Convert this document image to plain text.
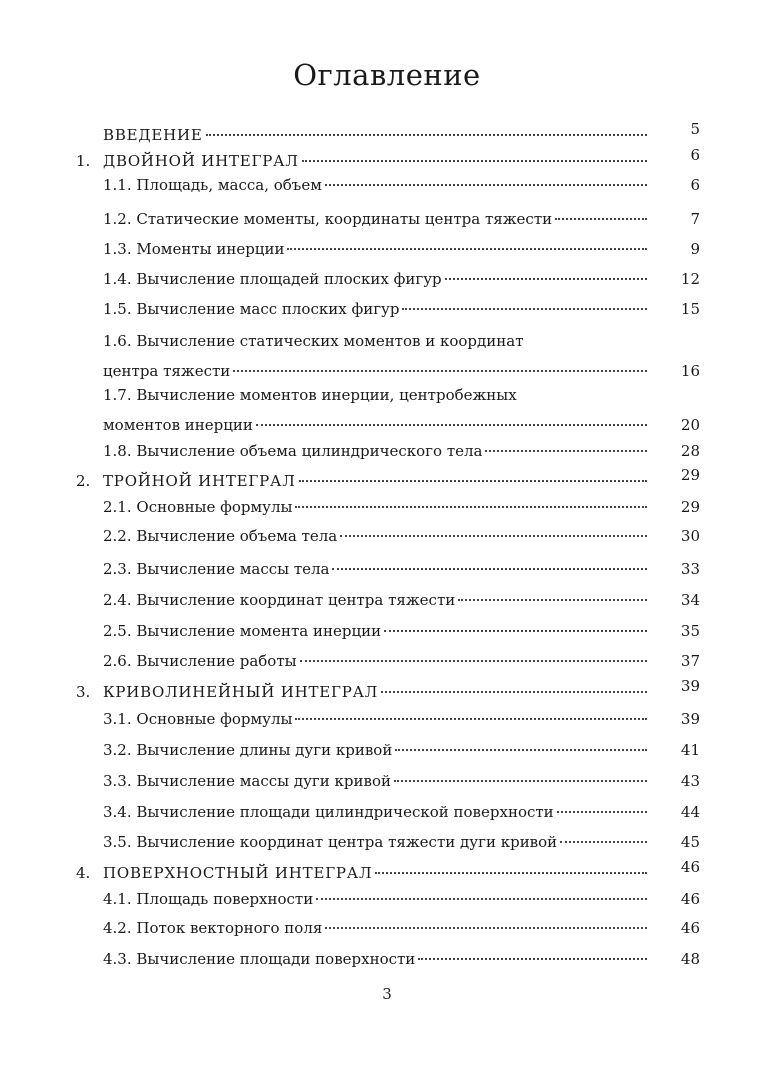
Оглавление
ВВЕДЕНИЕ	5
1. ДВОЙНОЙ ИНТЕГРАЛ	6
1.1. Площадь, масса, объем	6
1.2. Статические моменты, координаты центра тяжести	7
1.3. Моменты инерции	9
1.4. Вычисление площадей плоских фигур	12
1.5. Вычисление масс плоских фигур	15
1.6. Вычисление статических моментов и координат
центра тяжести	16
1.7. Вычисление моментов инерции, центробежных
моментов инерции	20
1.8. Вычисление объема цилиндрического тела	28
2. ТРОЙНОЙ ИНТЕГРАЛ	29
2.1. Основные формулы	29
2.2. Вычисление объема тела	30
2.3. Вычисление массы тела	33
2.4. Вычисление координат центра тяжести	34
2.5. Вычисление момента инерции	35
2.6. Вычисление работы	37
3. КРИВОЛИНЕЙНЫЙ ИНТЕГРАЛ	39
3.1. Основные формулы	39
3.2. Вычисление длины дуги кривой	41
3.3. Вычисление массы дуги кривой	43
3.4. Вычисление площади цилиндрической поверхности	44
3.5. Вычисление координат центра тяжести дуги кривой	45
4. ПОВЕРХНОСТНЫЙ ИНТЕГРАЛ	46
4.1. Площадь поверхности	46
4.2. Поток векторного поля	46
4.3. Вычисление площади поверхности	48
3
